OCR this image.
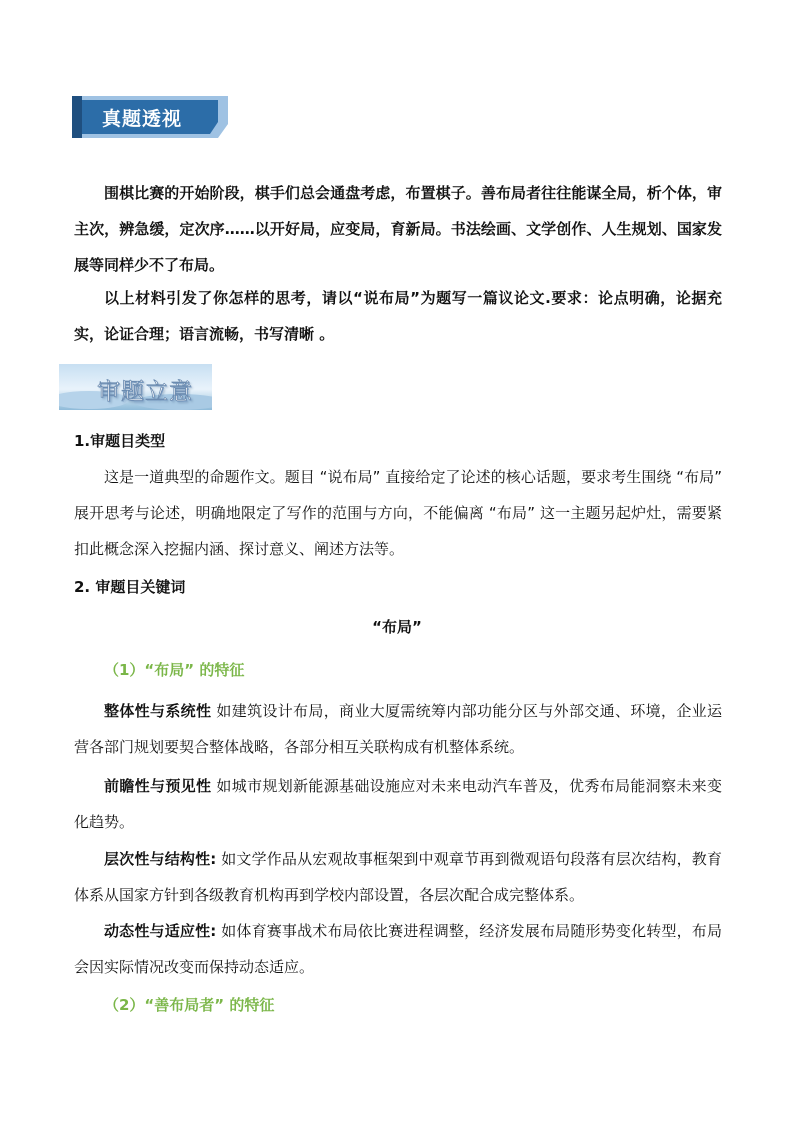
真题透视

围棋比赛的开始阶段，棋手们总会通盘考虑，布置棋子。善布局者往往能谋全局，析个体，审主次，辨急缓，定次序……以开好局，应变局，育新局。书法绘画、文学创作、人生规划、国家发展等同样少不了布局。

以上材料引发了你怎样的思考，请以“说布局”为题写一篇议论文.要求：论点明确，论据充实，论证合理；语言流畅，书写清晰 。

审题立意

1.审题目类型

这是一道典型的命题作文。题目 “说布局” 直接给定了论述的核心话题，要求考生围绕 “布局” 展开思考与论述，明确地限定了写作的范围与方向，不能偏离 “布局” 这一主题另起炉灶，需要紧扣此概念深入挖掘内涵、探讨意义、阐述方法等。

2. 审题目关键词

“布局”

（1）“布局” 的特征

整体性与系统性 如建筑设计布局，商业大厦需统筹内部功能分区与外部交通、环境，企业运营各部门规划要契合整体战略，各部分相互关联构成有机整体系统。

前瞻性与预见性 如城市规划新能源基础设施应对未来电动汽车普及，优秀布局能洞察未来变化趋势。

层次性与结构性: 如文学作品从宏观故事框架到中观章节再到微观语句段落有层次结构，教育体系从国家方针到各级教育机构再到学校内部设置，各层次配合成完整体系。

动态性与适应性: 如体育赛事战术布局依比赛进程调整，经济发展布局随形势变化转型，布局会因实际情况改变而保持动态适应。

（2）“善布局者” 的特征
